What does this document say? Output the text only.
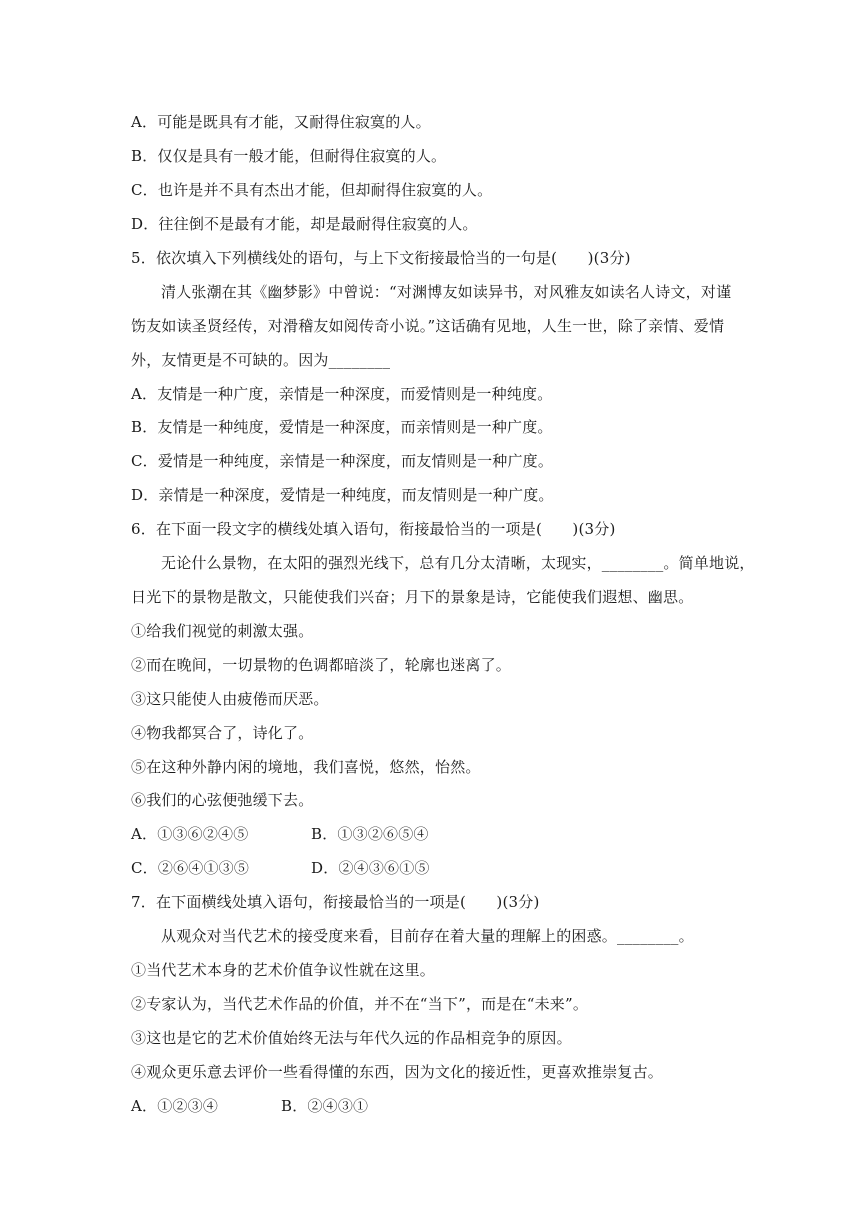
A．可能是既具有才能，又耐得住寂寞的人。
B．仅仅是具有一般才能，但耐得住寂寞的人。
C．也许是并不具有杰出才能，但却耐得住寂寞的人。
D．往往倒不是最有才能，却是最耐得住寂寞的人。
5．依次填入下列横线处的语句，与上下文衔接最恰当的一句是(　　)(3分)
清人张潮在其《幽梦影》中曾说：“对渊博友如读异书，对风雅友如读名人诗文，对谨
饬友如读圣贤经传，对滑稽友如阅传奇小说。”这话确有见地，人生一世，除了亲情、爱情
外，友情更是不可缺的。因为________
A．友情是一种广度，亲情是一种深度，而爱情则是一种纯度。
B．友情是一种纯度，爱情是一种深度，而亲情则是一种广度。
C．爱情是一种纯度，亲情是一种深度，而友情则是一种广度。
D．亲情是一种深度，爱情是一种纯度，而友情则是一种广度。
6．在下面一段文字的横线处填入语句，衔接最恰当的一项是(　　)(3分)
无论什么景物，在太阳的强烈光线下，总有几分太清晰，太现实，________。简单地说，
日光下的景物是散文，只能使我们兴奋；月下的景象是诗，它能使我们遐想、幽思。
①给我们视觉的刺激太强。
②而在晚间，一切景物的色调都暗淡了，轮廓也迷离了。
③这只能使人由疲倦而厌恶。
④物我都冥合了，诗化了。
⑤在这种外静内闲的境地，我们喜悦，悠然，怡然。
⑥我们的心弦便弛缓下去。
A．①③⑥②④⑤	B．①③②⑥⑤④
C．②⑥④①③⑤	D．②④③⑥①⑤
7．在下面横线处填入语句，衔接最恰当的一项是(　　)(3分)
从观众对当代艺术的接受度来看，目前存在着大量的理解上的困惑。________。
①当代艺术本身的艺术价值争议性就在这里。
②专家认为，当代艺术作品的价值，并不在“当下”，而是在“未来”。
③这也是它的艺术价值始终无法与年代久远的作品相竞争的原因。
④观众更乐意去评价一些看得懂的东西，因为文化的接近性，更喜欢推崇复古。
A．①②③④	B．②④③①
